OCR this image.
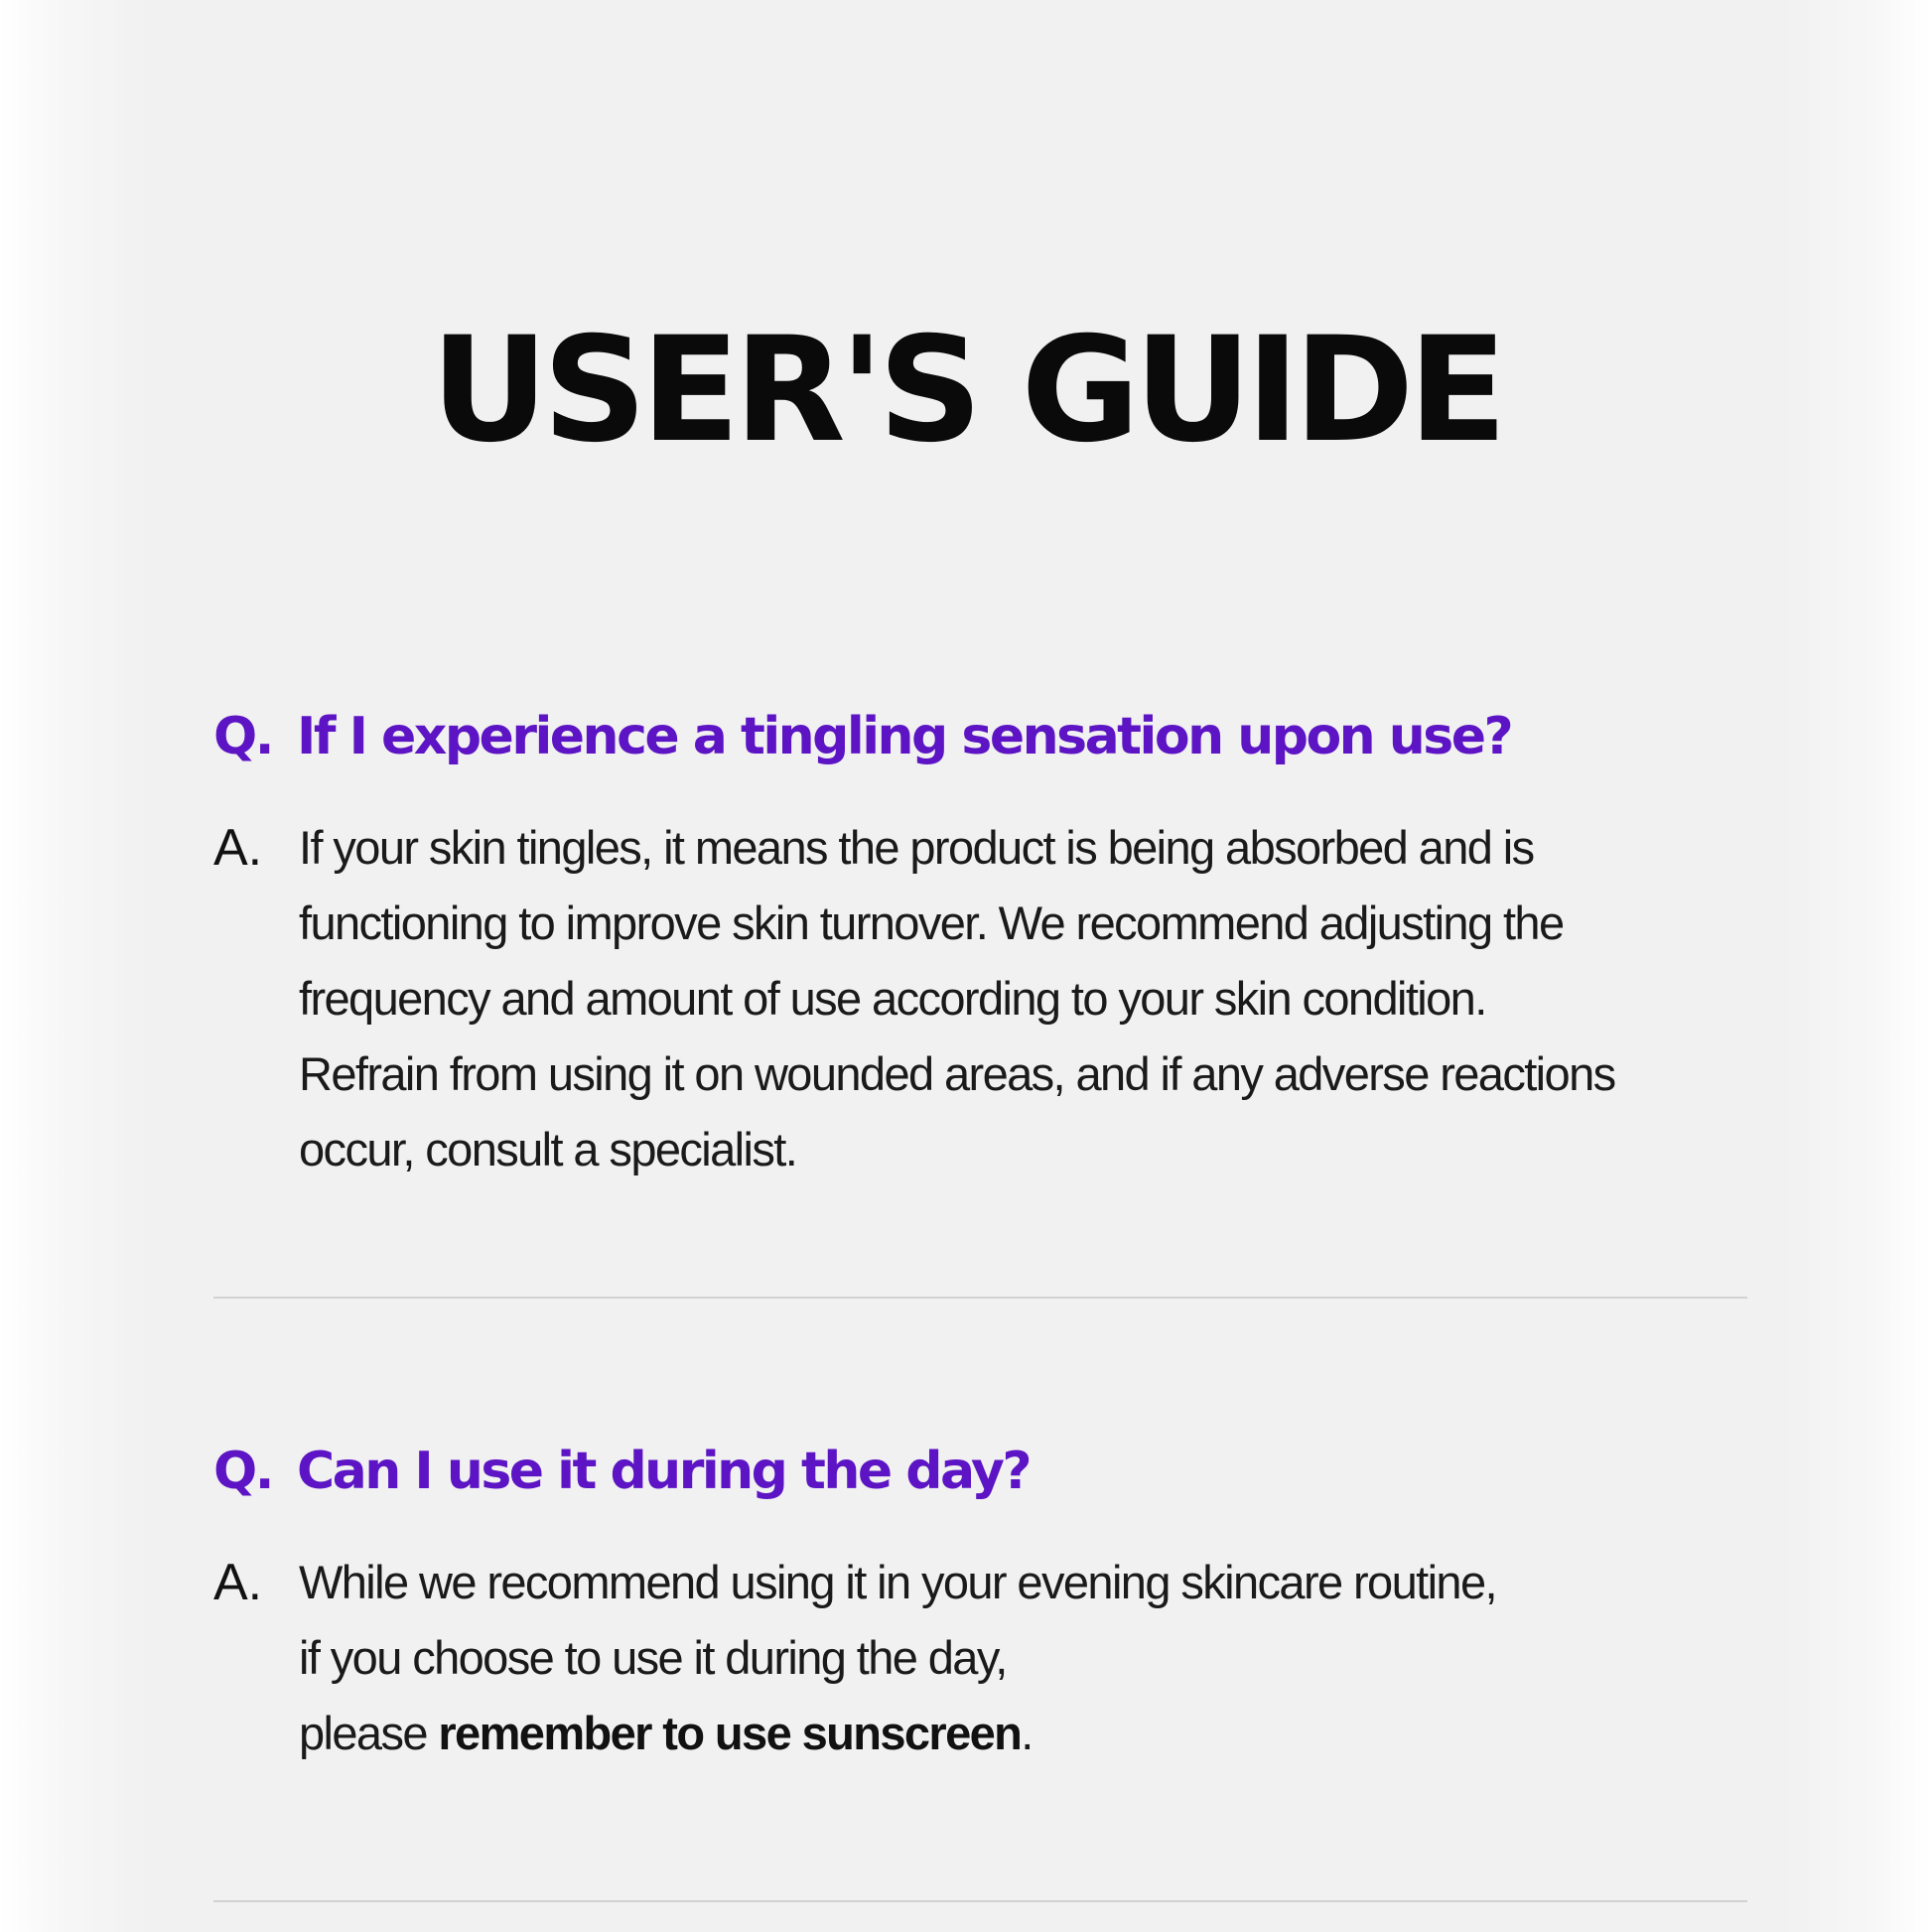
USER'S GUIDE
Q. If I experience a tingling sensation upon use?
A. If your skin tingles, it means the product is being absorbed and is
functioning to improve skin turnover. We recommend adjusting the
frequency and amount of use according to your skin condition.
Refrain from using it on wounded areas, and if any adverse reactions
occur, consult a specialist.
Q. Can I use it during the day?
A. While we recommend using it in your evening skincare routine,
if you choose to use it during the day,
please remember to use sunscreen.
